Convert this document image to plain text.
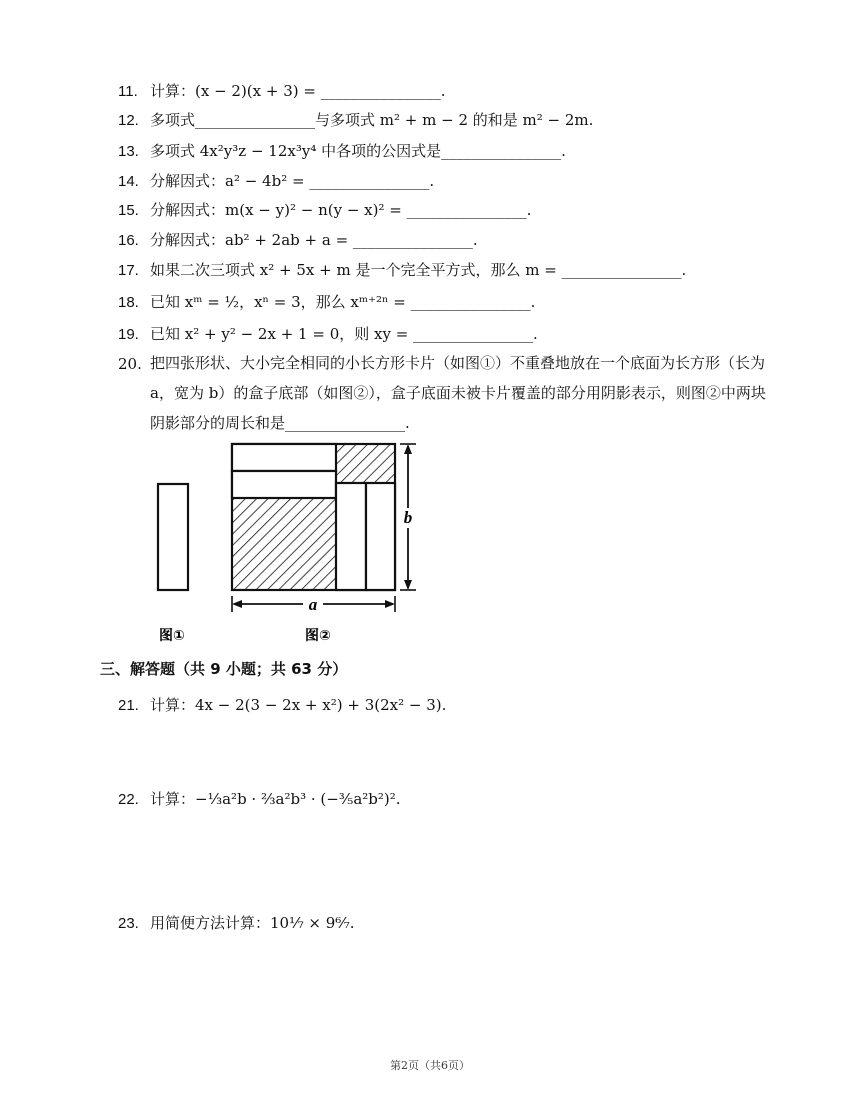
11. 计算：(x − 2)(x + 3) = ________________.
12. 多项式________________与多项式 m² + m − 2 的和是 m² − 2m.
13. 多项式 4x²y³z − 12x³y⁴ 中各项的公因式是________________.
14. 分解因式：a² − 4b² = ________________.
15. 分解因式：m(x − y)² − n(y − x)² = ________________.
16. 分解因式：ab² + 2ab + a = ________________.
17. 如果二次三项式 x² + 5x + m 是一个完全平方式，那么 m = ________________.
18. 已知 xᵐ = ½，xⁿ = 3，那么 xᵐ⁺²ⁿ = ________________.
19. 已知 x² + y² − 2x + 1 = 0，则 xy = ________________.
20. 把四张形状、大小完全相同的小长方形卡片（如图①）不重叠地放在一个底面为长方形（长为 a，宽为 b）的盒子底部（如图②），盒子底面未被卡片覆盖的部分用阴影表示，则图②中两块阴影部分的周长和是________________.
b
a
图①	图②
三、解答题（共 9 小题；共 63 分）
21. 计算：4x − 2(3 − 2x + x²) + 3(2x² − 3).
22. 计算：−⅓a²b · ⅔a²b³ · (−⅗a²b²)².
23. 用简便方法计算：10⅐ × 9⁶⁄₇.
第2页（共6页）
